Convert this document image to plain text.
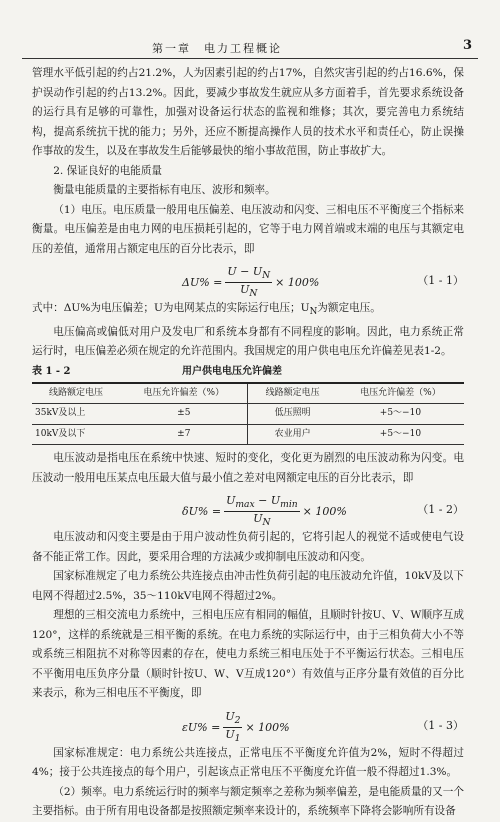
第一章　电力工程概论	3

管理水平低引起的约占21.2%，人为因素引起的约占17%，自然灾害引起的约占16.6%，保护误动作引起的约占13.2%。因此，要减少事故发生就应从多方面着手，首先要求系统设备的运行具有足够的可靠性，加强对设备运行状态的监视和维修；其次，要完善电力系统结构，提高系统抗干扰的能力；另外，还应不断提高操作人员的技术水平和责任心，防止误操作事故的发生，以及在事故发生后能够最快的缩小事故范围，防止事故扩大。

2. 保证良好的电能质量

衡量电能质量的主要指标有电压、波形和频率。

（1）电压。电压质量一般用电压偏差、电压波动和闪变、三相电压不平衡度三个指标来衡量。电压偏差是由电力网的电压损耗引起的，它等于电力网首端或末端的电压与其额定电压的差值，通常用占额定电压的百分比表示，即

$\Delta U\% = \frac{U - U_N}{U_N} \times 100\%$	（1 - 1）

式中：ΔU%为电压偏差；U为电网某点的实际运行电压；$U_N$为额定电压。

电压偏高或偏低对用户及发电厂和系统本身都有不同程度的影响。因此，电力系统正常运行时，电压偏差必须在规定的允许范围内。我国规定的用户供电电压允许偏差见表1-2。

表 1 - 2	用户供电电压允许偏差
线路额定电压	电压允许偏差（%）	线路额定电压	电压允许偏差（%）
35kV及以上	±5	低压照明	+5～−10
10kV及以下	±7	农业用户	+5～−10

电压波动是指电压在系统中快速、短时的变化，变化更为剧烈的电压波动称为闪变。电压波动一般用电压某点电压最大值与最小值之差对电网额定电压的百分比表示，即

$\delta U\% = \frac{U_{max} - U_{min}}{U_N} \times 100\%$	（1 - 2）

电压波动和闪变主要是由于用户波动性负荷引起的，它将引起人的视觉不适或使电气设备不能正常工作。因此，要采用合理的方法减少或抑制电压波动和闪变。

国家标准规定了电力系统公共连接点由冲击性负荷引起的电压波动允许值，10kV及以下电网不得超过2.5%，35～110kV电网不得超过2%。

理想的三相交流电力系统中，三相电压应有相同的幅值，且顺时针按U、V、W顺序互成120°，这样的系统就是三相平衡的系统。在电力系统的实际运行中，由于三相负荷大小不等或系统三相阻抗不对称等因素的存在，使电力系统三相电压处于不平衡运行状态。三相电压不平衡用电压负序分量（顺时针按U、W、V互成120°）有效值与正序分量有效值的百分比来表示，称为三相电压不平衡度，即

$\varepsilon U\% = \frac{U_2}{U_1} \times 100\%$	（1 - 3）

国家标准规定：电力系统公共连接点，正常电压不平衡度允许值为2%，短时不得超过4%；接于公共连接点的每个用户，引起该点正常电压不平衡度允许值一般不得超过1.3%。

（2）频率。电力系统运行时的频率与额定频率之差称为频率偏差，是电能质量的又一个主要指标。由于所有用电设备都是按照额定频率来设计的，系统频率下降将会影响所有设备
